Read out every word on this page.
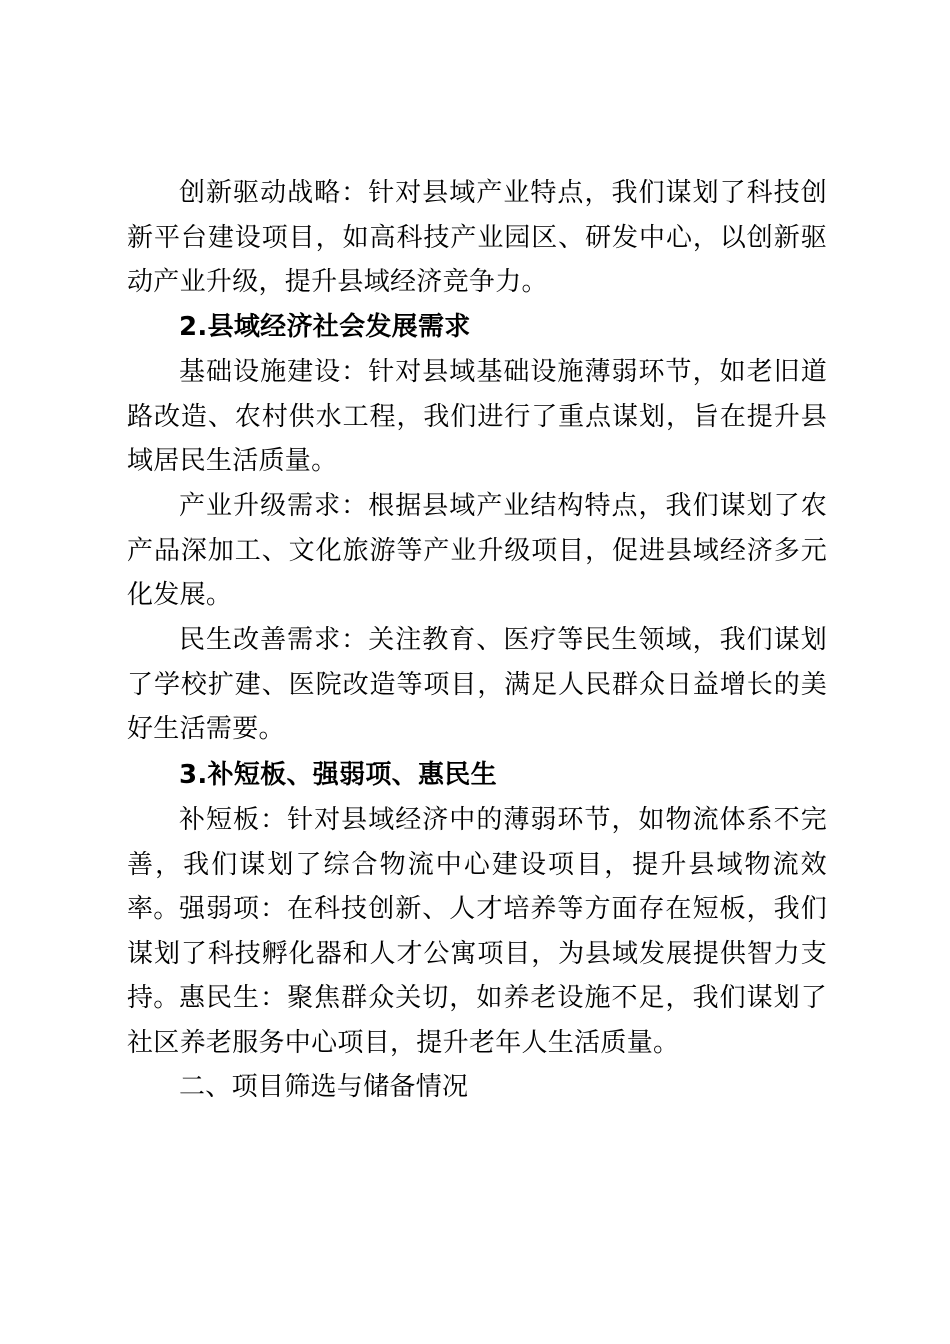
创新驱动战略：针对县域产业特点，我们谋划了科技创新平台建设项目，如高科技产业园区、研发中心，以创新驱动产业升级，提升县域经济竞争力。

2.县域经济社会发展需求

基础设施建设：针对县域基础设施薄弱环节，如老旧道路改造、农村供水工程，我们进行了重点谋划，旨在提升县域居民生活质量。

产业升级需求：根据县域产业结构特点，我们谋划了农产品深加工、文化旅游等产业升级项目，促进县域经济多元化发展。

民生改善需求：关注教育、医疗等民生领域，我们谋划了学校扩建、医院改造等项目，满足人民群众日益增长的美好生活需要。

3.补短板、强弱项、惠民生

补短板：针对县域经济中的薄弱环节，如物流体系不完善，我们谋划了综合物流中心建设项目，提升县域物流效率。 强弱项：在科技创新、人才培养等方面存在短板，我们谋划了科技孵化器和人才公寓项目，为县域发展提供智力支持。 惠民生：聚焦群众关切，如养老设施不足，我们谋划了社区养老服务中心项目，提升老年人生活质量。

二、项目筛选与储备情况
